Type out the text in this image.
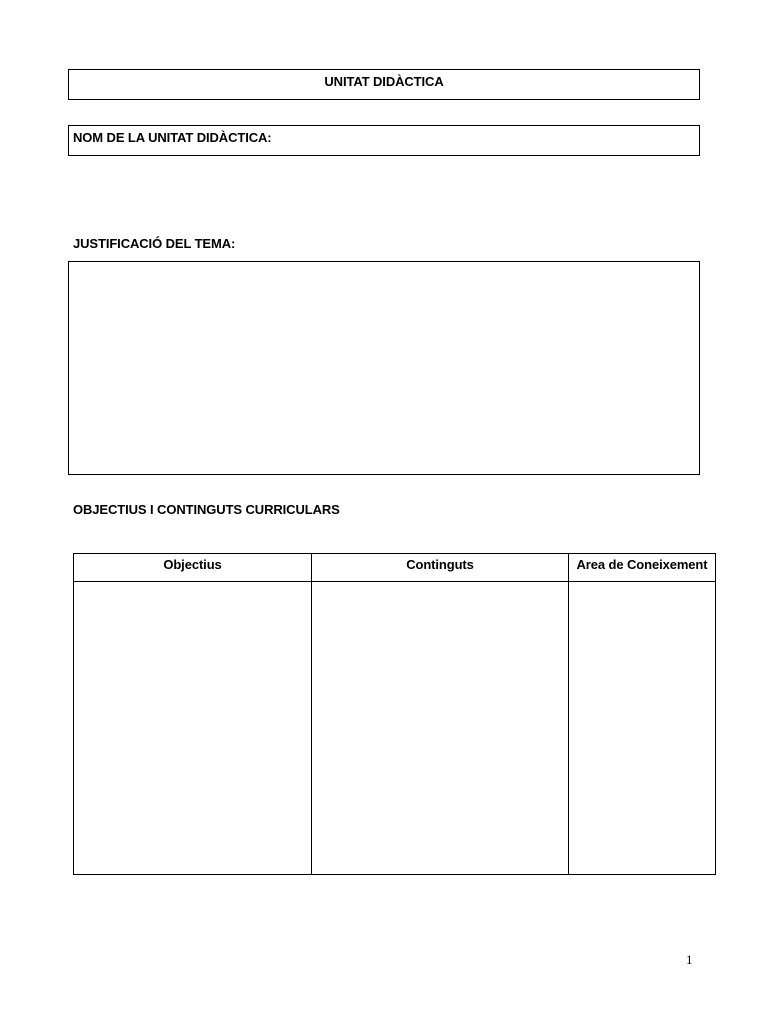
UNITAT DIDÀCTICA
NOM DE LA UNITAT DIDÀCTICA:
JUSTIFICACIÓ DEL TEMA:
OBJECTIUS I CONTINGUTS CURRICULARS
Objectius	Continguts	Area de Coneixement

1
